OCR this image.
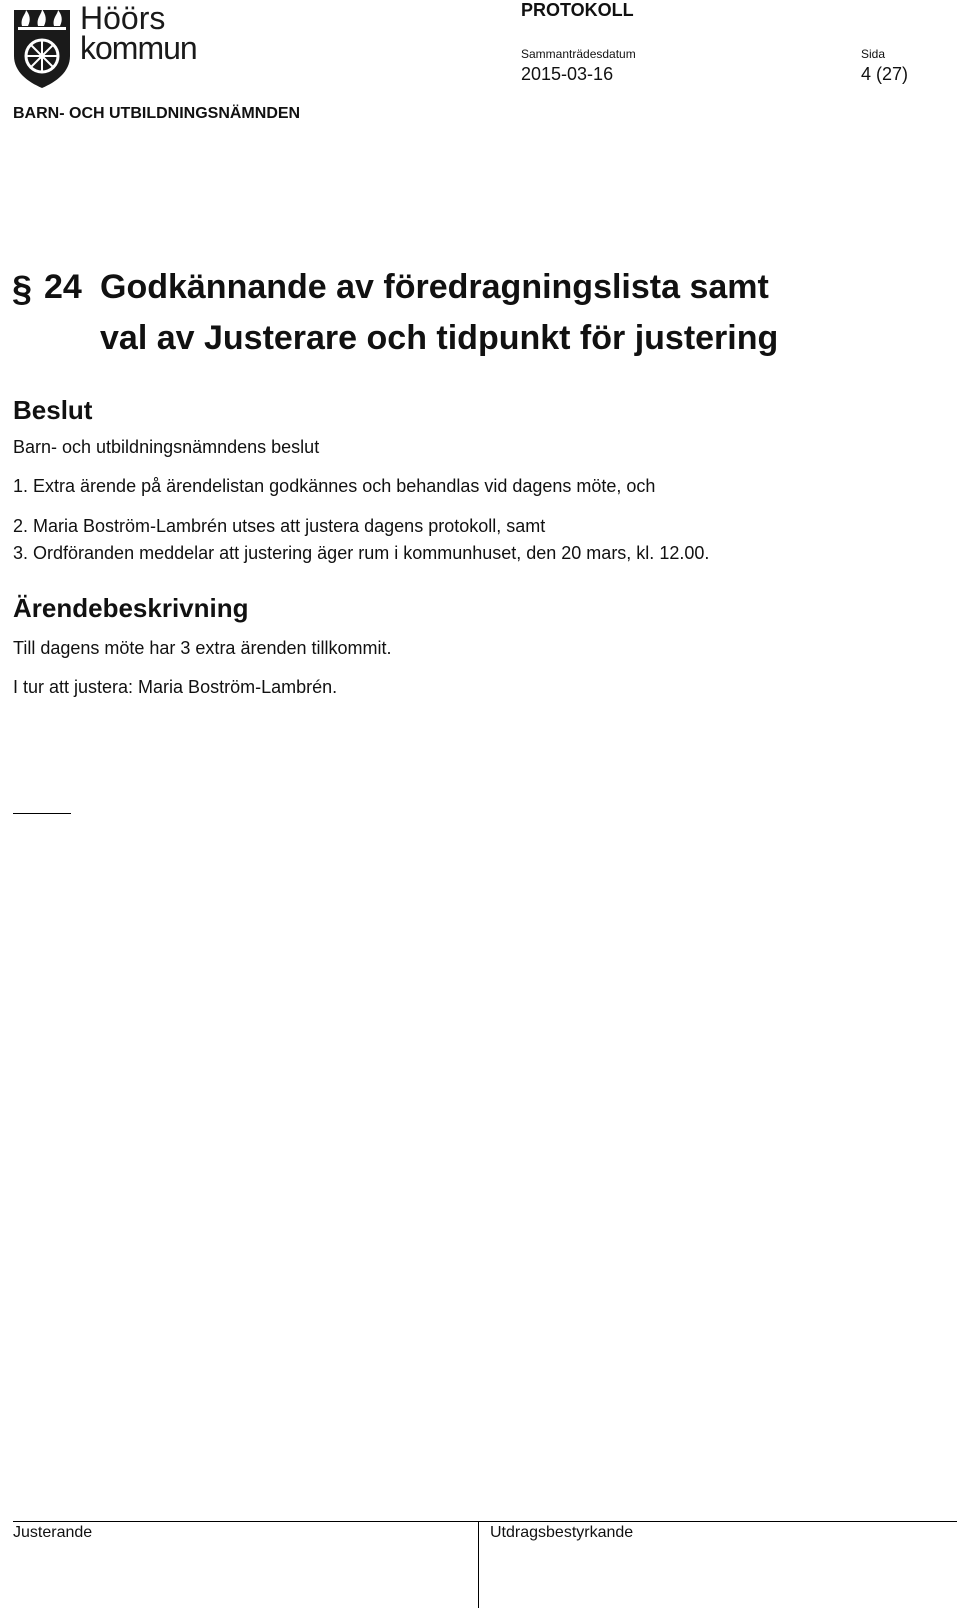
Höörs
kommun
PROTOKOLL
Sammanträdesdatum	Sida
2015-03-16	4 (27)
BARN- OCH UTBILDNINGSNÄMNDEN
§ 24 Godkännande av föredragningslista samt
val av Justerare och tidpunkt för justering
Beslut
Barn- och utbildningsnämndens beslut
1. Extra ärende på ärendelistan godkännes och behandlas vid dagens möte, och
2. Maria Boström-Lambrén utses att justera dagens protokoll, samt
3. Ordföranden meddelar att justering äger rum i kommunhuset, den 20 mars, kl. 12.00.
Ärendebeskrivning
Till dagens möte har 3 extra ärenden tillkommit.
I tur att justera: Maria Boström-Lambrén.
Justerande	Utdragsbestyrkande
